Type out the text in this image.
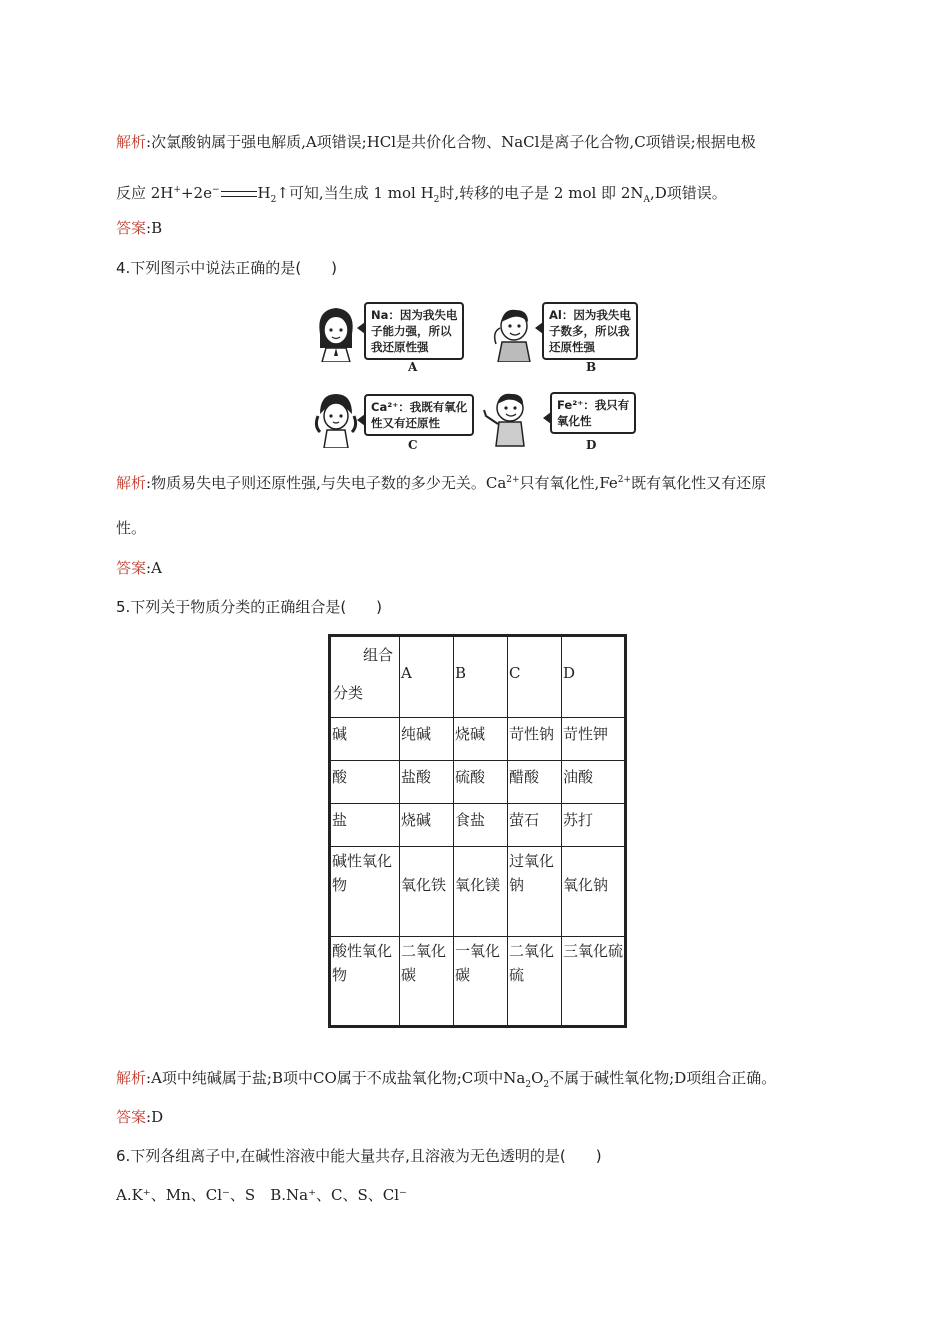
解析:次氯酸钠属于强电解质,A项错误;HCl是共价化合物、NaCl是离子化合物,C项错误;根据电极
反应 2H++2e−	$H_2↑$可知,当生成 1 mol $H_2$时,转移的电子是 2 mol 即 $2N_A,D$项错误。
答案:B
4.下列图示中说法正确的是(　　)
Na：因为我失电
子能力强，所以
我还原性强
A
Al：因为我失电
子数多，所以我
还原性强
B
Ca²⁺：我既有氧化
性又有还原性
C
Fe²⁺：我只有
氧化性
D
解析:物质易失电子则还原性强,与失电子数的多少无关。$Ca^{2+}$只有氧化性$,Fe^{2+}$既有氧化性又有还原
性。
答案:A
5.下列关于物质分类的正确组合是(　　)
组合
分类	A	B	C	D
碱	纯碱	烧碱	苛性钠	苛性钾
酸	盐酸	硫酸	醋酸	油酸
盐	烧碱	食盐	萤石	苏打
碱性氧化物	氧化铁	氧化镁	过氧化钠	氧化钠
酸性氧化物	二氧化碳	一氧化碳	二氧化硫	三氧化硫
解析:A项中纯碱属于盐;B项中CO属于不成盐氧化物;C项中$Na_2O_2$不属于碱性氧化物;D项组合正确。
答案:D
6.下列各组离子中,在碱性溶液中能大量共存,且溶液为无色透明的是(　　)
A.K⁺、Mn、Cl⁻、S　B.Na⁺、C、S、Cl⁻
